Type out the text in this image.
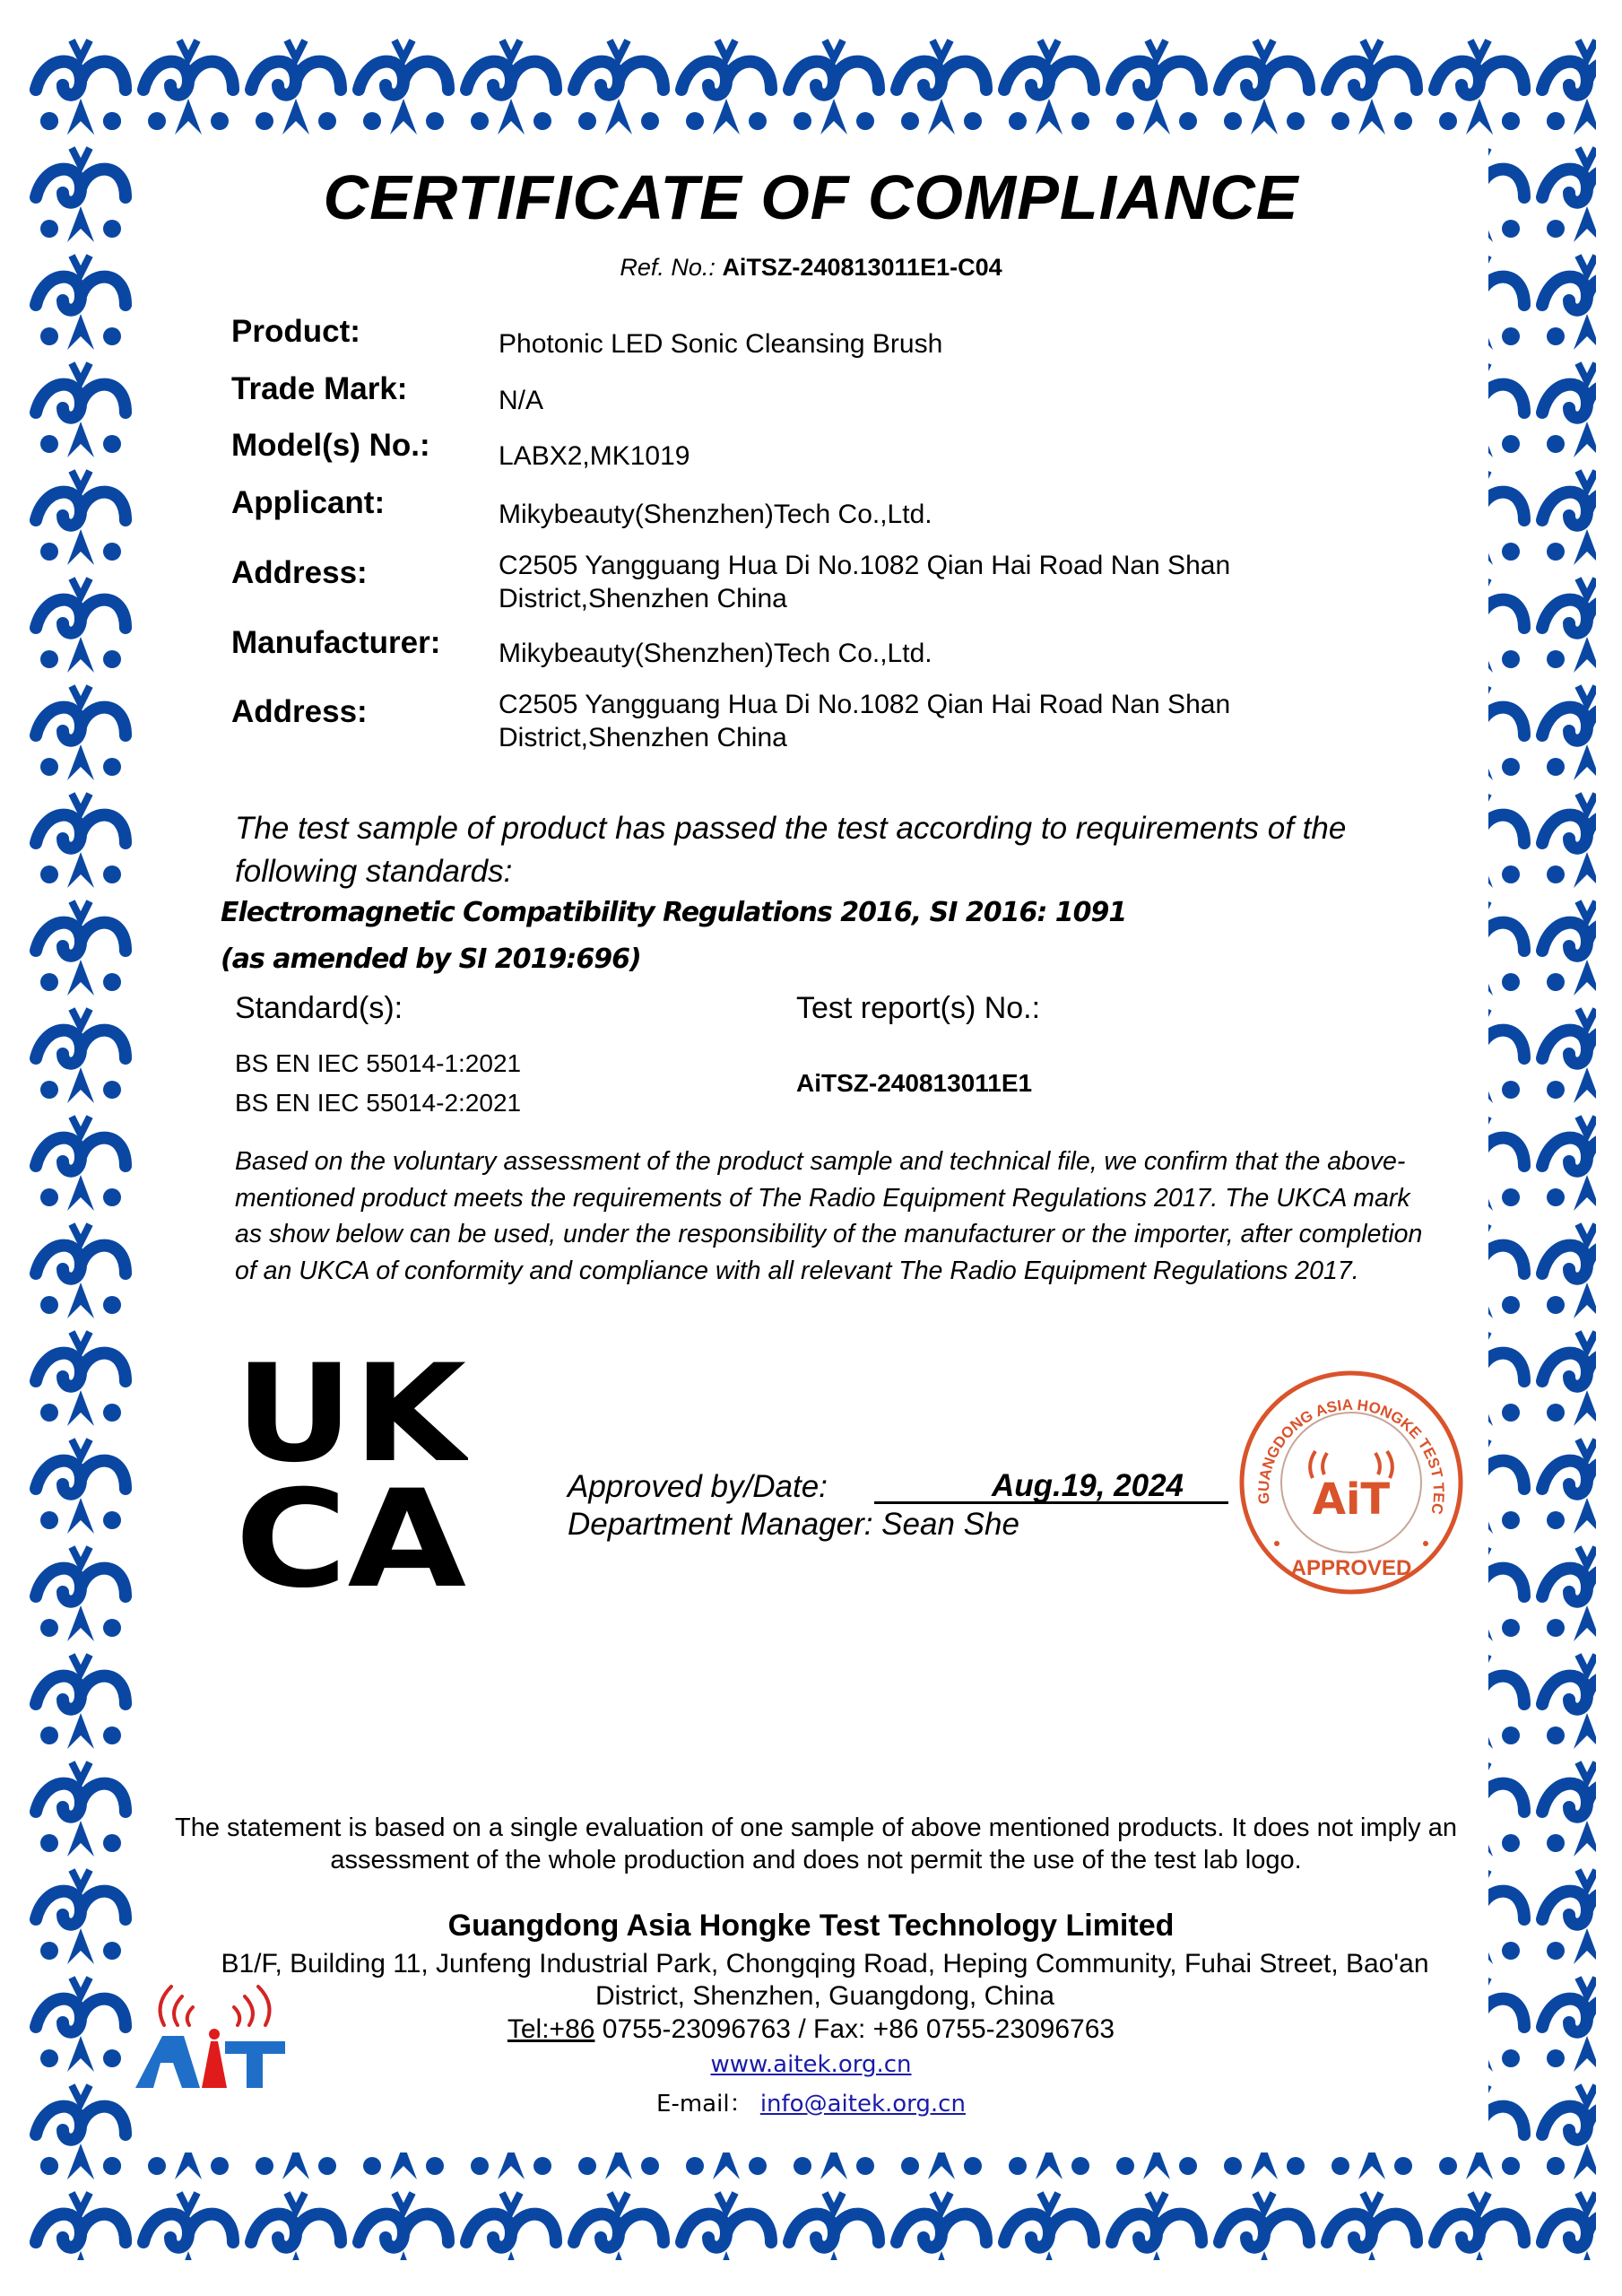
CERTIFICATE OF COMPLIANCE
Ref. No.: AiTSZ-240813011E1-C04
Product:	Photonic LED Sonic Cleansing Brush
Trade Mark:	N/A
Model(s) No.:	LABX2,MK1019
Applicant:	Mikybeauty(Shenzhen)Tech Co.,Ltd.
Address:	C2505 Yangguang Hua Di No.1082 Qian Hai Road Nan Shan
District,Shenzhen China
Manufacturer: Mikybeauty(Shenzhen)Tech Co.,Ltd.
Address:	C2505 Yangguang Hua Di No.1082 Qian Hai Road Nan Shan
District,Shenzhen China
The test sample of product has passed the test according to requirements of the following standards:
Electromagnetic Compatibility Regulations 2016, SI 2016: 1091
(as amended by SI 2019:696)
Standard(s):	Test report(s) No.:
BS EN IEC 55014-1:2021
BS EN IEC 55014-2:2021
AiTSZ-240813011E1
Based on the voluntary assessment of the product sample and technical file, we confirm that the above-mentioned product meets the requirements of The Radio Equipment Regulations 2017. The UKCA mark as show below can be used, under the responsibility of the manufacturer or the importer, after completion of an UKCA of conformity and compliance with all relevant The Radio Equipment Regulations 2017.
UK
CA	Approved by/Date:
Department Manager: Sean She
Aug.19, 2024	GUANGDONG ASIA HONGKE TEST TEC
AiT
APPROVED
The statement is based on a single evaluation of one sample of above mentioned products. It does not imply an assessment of the whole production and does not permit the use of the test lab logo.
Guangdong Asia Hongke Test Technology Limited
B1/F, Building 11, Junfeng Industrial Park, Chongqing Road, Heping Community, Fuhai Street, Bao'an
District, Shenzhen, Guangdong, China
Tel:+86 0755-23096763 / Fax: +86 0755-23096763
www.aitek.org.cn
E-mail： info@aitek.org.cn
